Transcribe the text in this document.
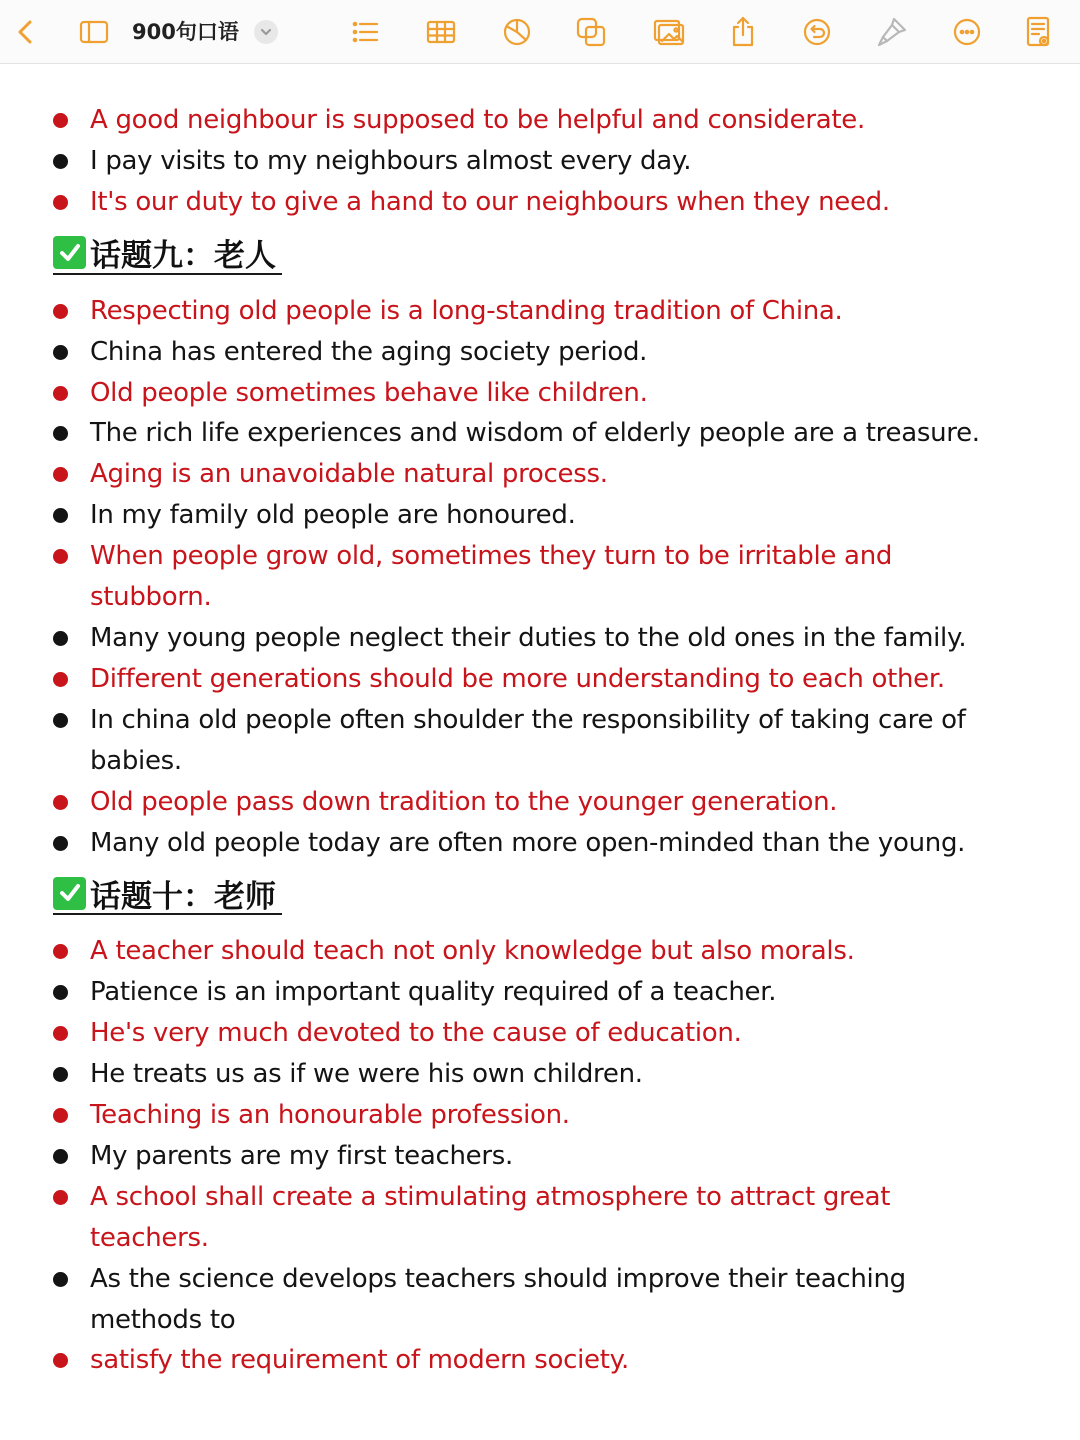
900句口语
A good neighbour is supposed to be helpful and considerate.
I pay visits to my neighbours almost every day.
It's our duty to give a hand to our neighbours when they need.
话题九：老人
Respecting old people is a long-standing tradition of China.
China has entered the aging society period.
Old people sometimes behave like children.
The rich life experiences and wisdom of elderly people are a treasure.
Aging is an unavoidable natural process.
In my family old people are honoured.
When people grow old, sometimes they turn to be irritable and stubborn.
Many young people neglect their duties to the old ones in the family.
Different generations should be more understanding to each other.
In china old people often shoulder the responsibility of taking care of babies.
Old people pass down tradition to the younger generation.
Many old people today are often more open-minded than the young.
话题十：老师
A teacher should teach not only knowledge but also morals.
Patience is an important quality required of a teacher.
He's very much devoted to the cause of education.
He treats us as if we were his own children.
Teaching is an honourable profession.
My parents are my first teachers.
A school shall create a stimulating atmosphere to attract great teachers.
As the science develops teachers should improve their teaching methods to
satisfy the requirement of modern society.
